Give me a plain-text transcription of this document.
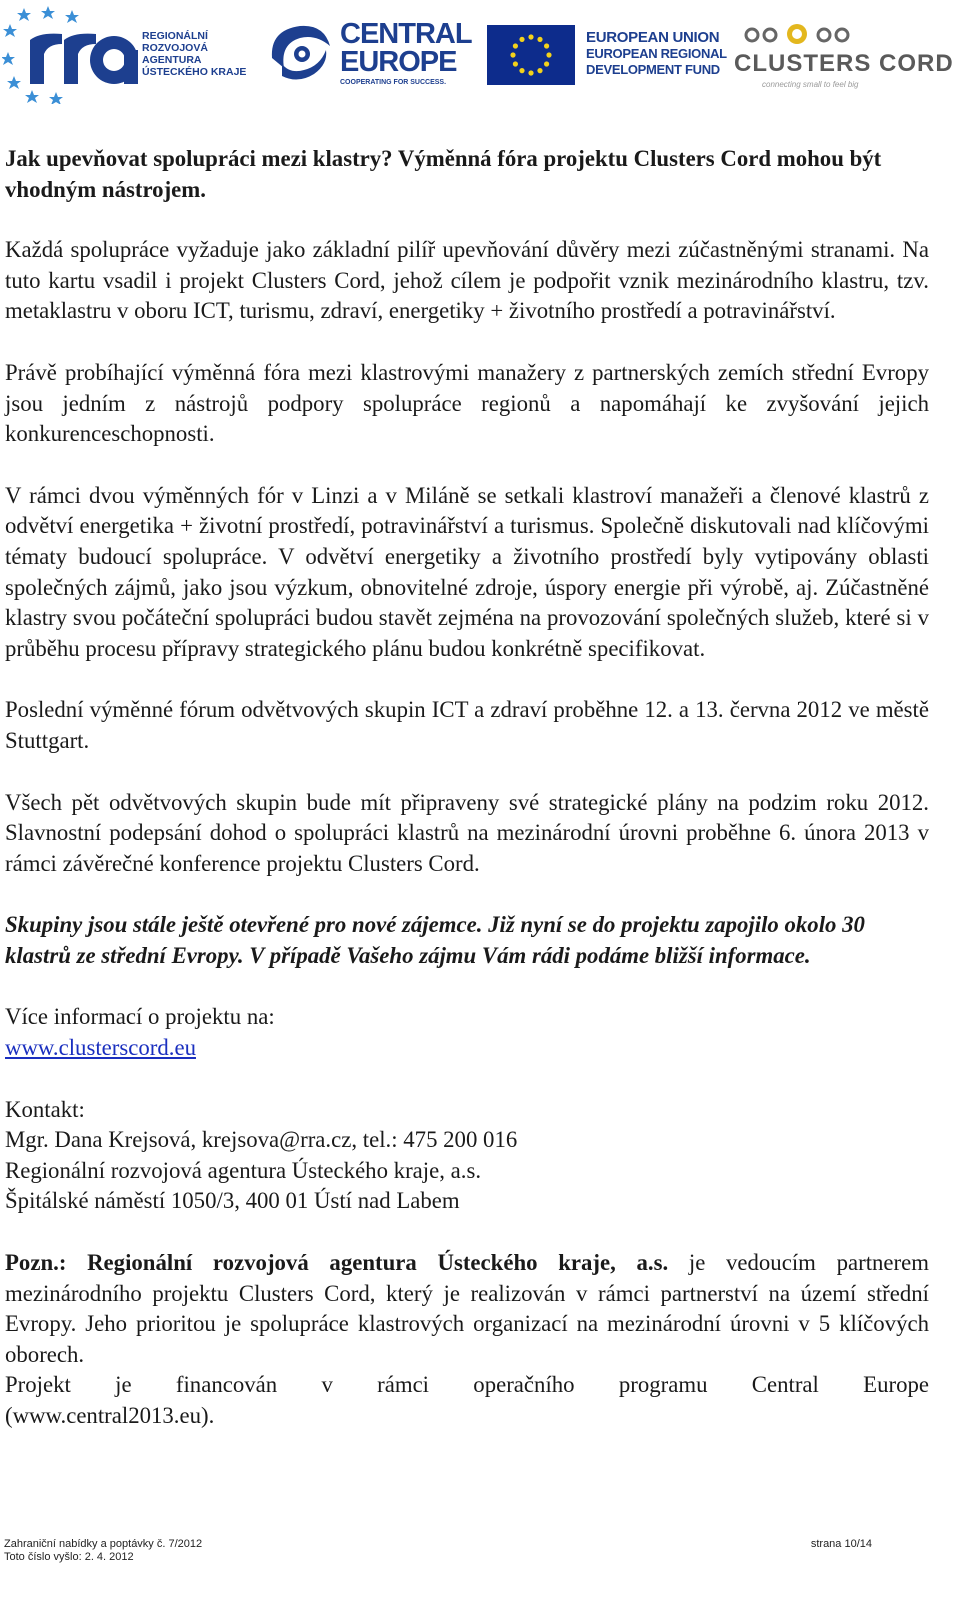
REGIONÁLNÍ
ROZVOJOVÁ
AGENTURA
ÚSTECKÉHO KRAJE
CENTRAL
EUROPE
COOPERATING FOR SUCCESS.
EUROPEAN UNION
EUROPEAN REGIONAL
DEVELOPMENT FUND CLUSTERS CORD
connecting small to feel big

Jak upevňovat spolupráci mezi klastry? Výměnná fóra projektu Clusters Cord mohou být vhodným nástrojem.

Každá spolupráce vyžaduje jako základní pilíř upevňování důvěry mezi zúčastněnými stranami. Na tuto kartu vsadil i projekt Clusters Cord, jehož cílem je podpořit vznik mezinárodního klastru, tzv. metaklastru v oboru ICT, turismu, zdraví, energetiky + životního prostředí a potravinářství.

Právě probíhající výměnná fóra mezi klastrovými manažery z partnerských zemích střední Evropy jsou jedním z nástrojů podpory spolupráce regionů a napomáhají ke zvyšování jejich konkurenceschopnosti.

V rámci dvou výměnných fór v Linzi a v Miláně se setkali klastroví manažeři a členové klastrů z odvětví energetika + životní prostředí, potravinářství a turismus. Společně diskutovali nad klíčovými tématy budoucí spolupráce. V odvětví energetiky a životního prostředí byly vytipovány oblasti společných zájmů, jako jsou výzkum, obnovitelné zdroje, úspory energie při výrobě, aj. Zúčastněné klastry svou počáteční spolupráci budou stavět zejména na provozování společných služeb, které si v průběhu procesu přípravy strategického plánu budou konkrétně specifikovat.

Poslední výměnné fórum odvětvových skupin ICT a zdraví proběhne 12. a 13. června 2012 ve městě Stuttgart.

Všech pět odvětvových skupin bude mít připraveny své strategické plány na podzim roku 2012. Slavnostní podepsání dohod o spolupráci klastrů na mezinárodní úrovni proběhne 6. února 2013 v rámci závěrečné konference projektu Clusters Cord.

Skupiny jsou stále ještě otevřené pro nové zájemce. Již nyní se do projektu zapojilo okolo 30 klastrů ze střední Evropy. V případě Vašeho zájmu Vám rádi podáme bližší informace.

Více informací o projektu na:

www.clusterscord.eu

Kontakt:

Mgr. Dana Krejsová, krejsova@rra.cz, tel.: 475 200 016

Regionální rozvojová agentura Ústeckého kraje, a.s.

Špitálské náměstí 1050/3, 400 01 Ústí nad Labem

Pozn.: Regionální rozvojová agentura Ústeckého kraje, a.s. je vedoucím partnerem mezinárodního projektu Clusters Cord, který je realizován v rámci partnerství na území střední Evropy. Jeho prioritou je spolupráce klastrových organizací na mezinárodní úrovni v 5 klíčových oborech.

Projekt je financován v rámci operačního programu Central Europe

(www.central2013.eu).

Zahraniční nabídky a poptávky č. 7/2012	strana 10/14
Toto číslo vyšlo: 2. 4. 2012
